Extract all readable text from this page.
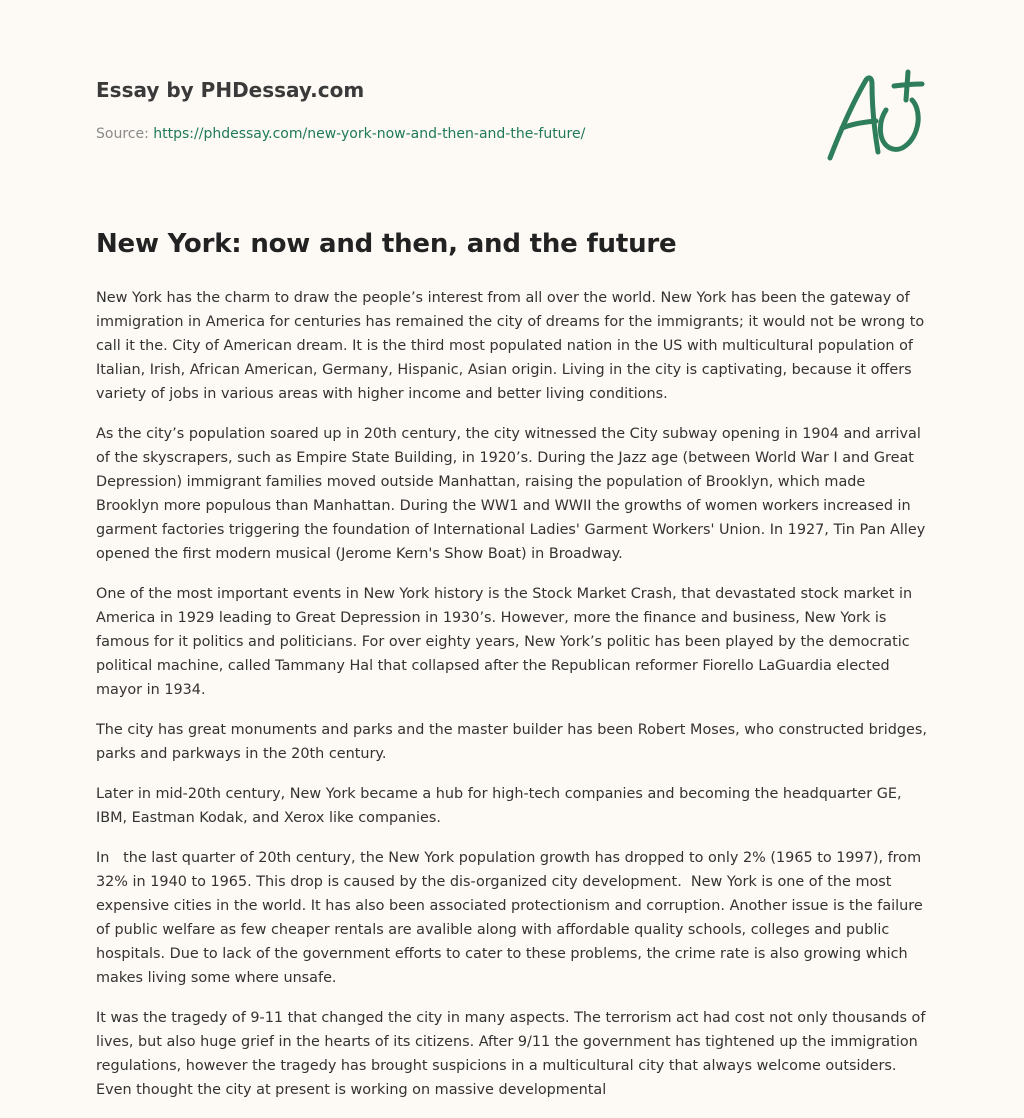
Essay by PHDessay.com
Source: https://phdessay.com/new-york-now-and-then-and-the-future/
New York: now and then, and the future

New York has the charm to draw the people’s interest from all over the world. New York has been the gateway of immigration in America for centuries has remained the city of dreams for the immigrants; it would not be wrong to call it the. City of American dream. It is the third most populated nation in the US with multicultural population of Italian, Irish, African American, Germany, Hispanic, Asian origin. Living in the city is captivating, because it offers variety of jobs in various areas with higher income and better living conditions.

As the city’s population soared up in 20th century, the city witnessed the City subway opening in 1904 and arrival of the skyscrapers, such as Empire State Building, in 1920’s. During the Jazz age (between World War I and Great Depression) immigrant families moved outside Manhattan, raising the population of Brooklyn, which made Brooklyn more populous than Manhattan. During the WW1 and WWII the growths of women workers increased in garment factories triggering the foundation of International Ladies' Garment Workers' Union. In 1927, Tin Pan Alley opened the first modern musical (Jerome Kern's Show Boat) in Broadway.

One of the most important events in New York history is the Stock Market Crash, that devastated stock market in America in 1929 leading to Great Depression in 1930’s. However, more the finance and business, New York is famous for it politics and politicians. For over eighty years, New York’s politic has been played by the democratic political machine, called Tammany Hal that collapsed after the Republican reformer Fiorello LaGuardia elected mayor in 1934.

The city has great monuments and parks and the master builder has been Robert Moses, who constructed bridges, parks and parkways in the 20th century.

Later in mid-20th century, New York became a hub for high-tech companies and becoming the headquarter GE, IBM, Eastman Kodak, and Xerox like companies.

In   the last quarter of 20th century, the New York population growth has dropped to only 2% (1965 to 1997), from 32% in 1940 to 1965. This drop is caused by the dis-organized city development.  New York is one of the most expensive cities in the world. It has also been associated protectionism and corruption. Another issue is the failure of public welfare as few cheaper rentals are avalible along with affordable quality schools, colleges and public hospitals. Due to lack of the government efforts to cater to these problems, the crime rate is also growing which makes living some where unsafe.

It was the tragedy of 9-11 that changed the city in many aspects. The terrorism act had cost not only thousands of lives, but also huge grief in the hearts of its citizens. After 9/11 the government has tightened up the immigration regulations, however the tragedy has brought suspicions in a multicultural city that always welcome outsiders. Even thought the city at present is working on massive developmental
